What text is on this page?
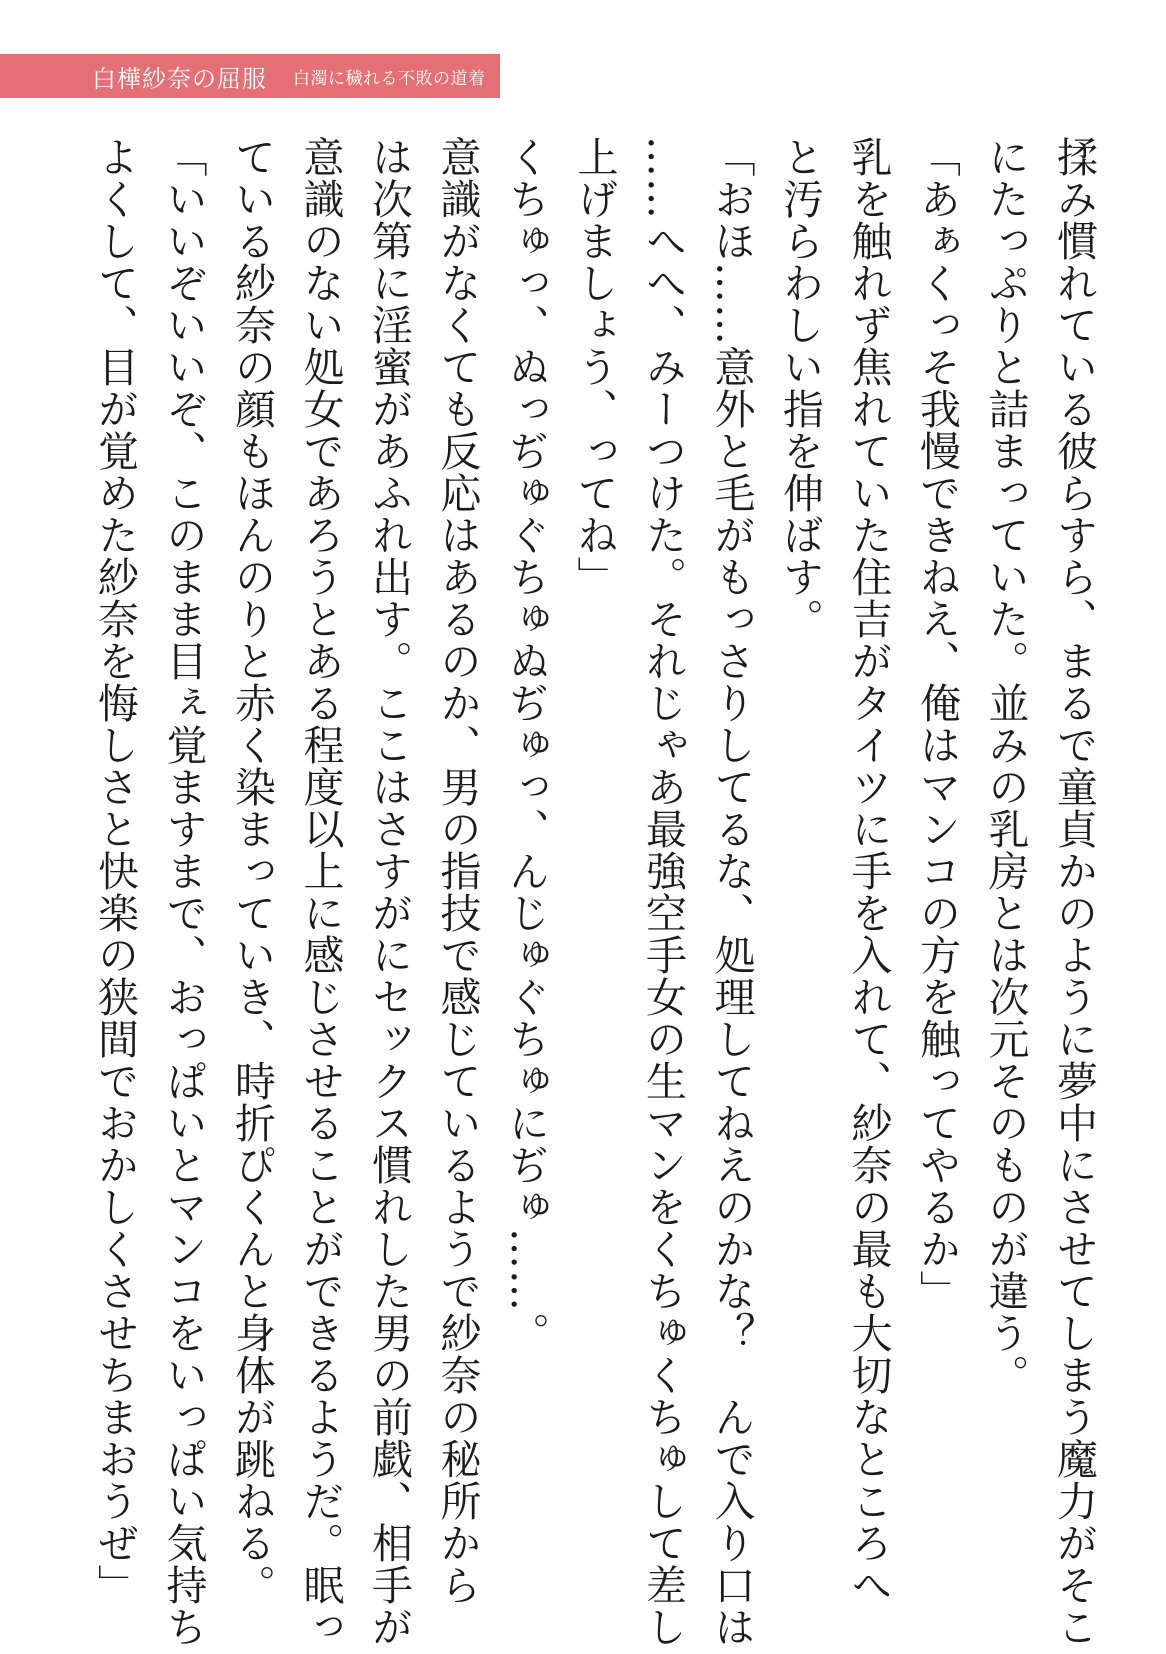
白樺紗奈の屈服 白濁に穢れる不敗の道着

揉み慣れている彼らすら、まるで童貞かのように夢中にさせてしまう魔力がそこ

にたっぷりと詰まっていた。並みの乳房とは次元そのものが違う。

「あぁくっそ我慢できねえ、俺はマンコの方を触ってやるか」

乳を触れず焦れていた住吉がタイツに手を入れて、紗奈の最も大切なところへ

と汚らわしい指を伸ばす。

「おほ……意外と毛がもっさりしてるな、処理してねえのかな？　んで入り口は

……へへ、みーつけた。それじゃあ最強空手女の生マンをくちゅくちゅして差し

上げましょう、ってね」

くちゅっ、ぬっぢゅぐちゅぬぢゅっ、んじゅぐちゅにぢゅ……。

意識がなくても反応はあるのか、男の指技で感じているようで紗奈の秘所から

は次第に淫蜜があふれ出す。ここはさすがにセックス慣れした男の前戯、相手が

意識のない処女であろうとある程度以上に感じさせることができるようだ。眠っ

ている紗奈の顔もほんのりと赤く染まっていき、時折ぴくんと身体が跳ねる。

「いいぞいいぞ、このまま目ぇ覚ますまで、おっぱいとマンコをいっぱい気持ち

よくして、目が覚めた紗奈を悔しさと快楽の狭間でおかしくさせちまおうぜ」
